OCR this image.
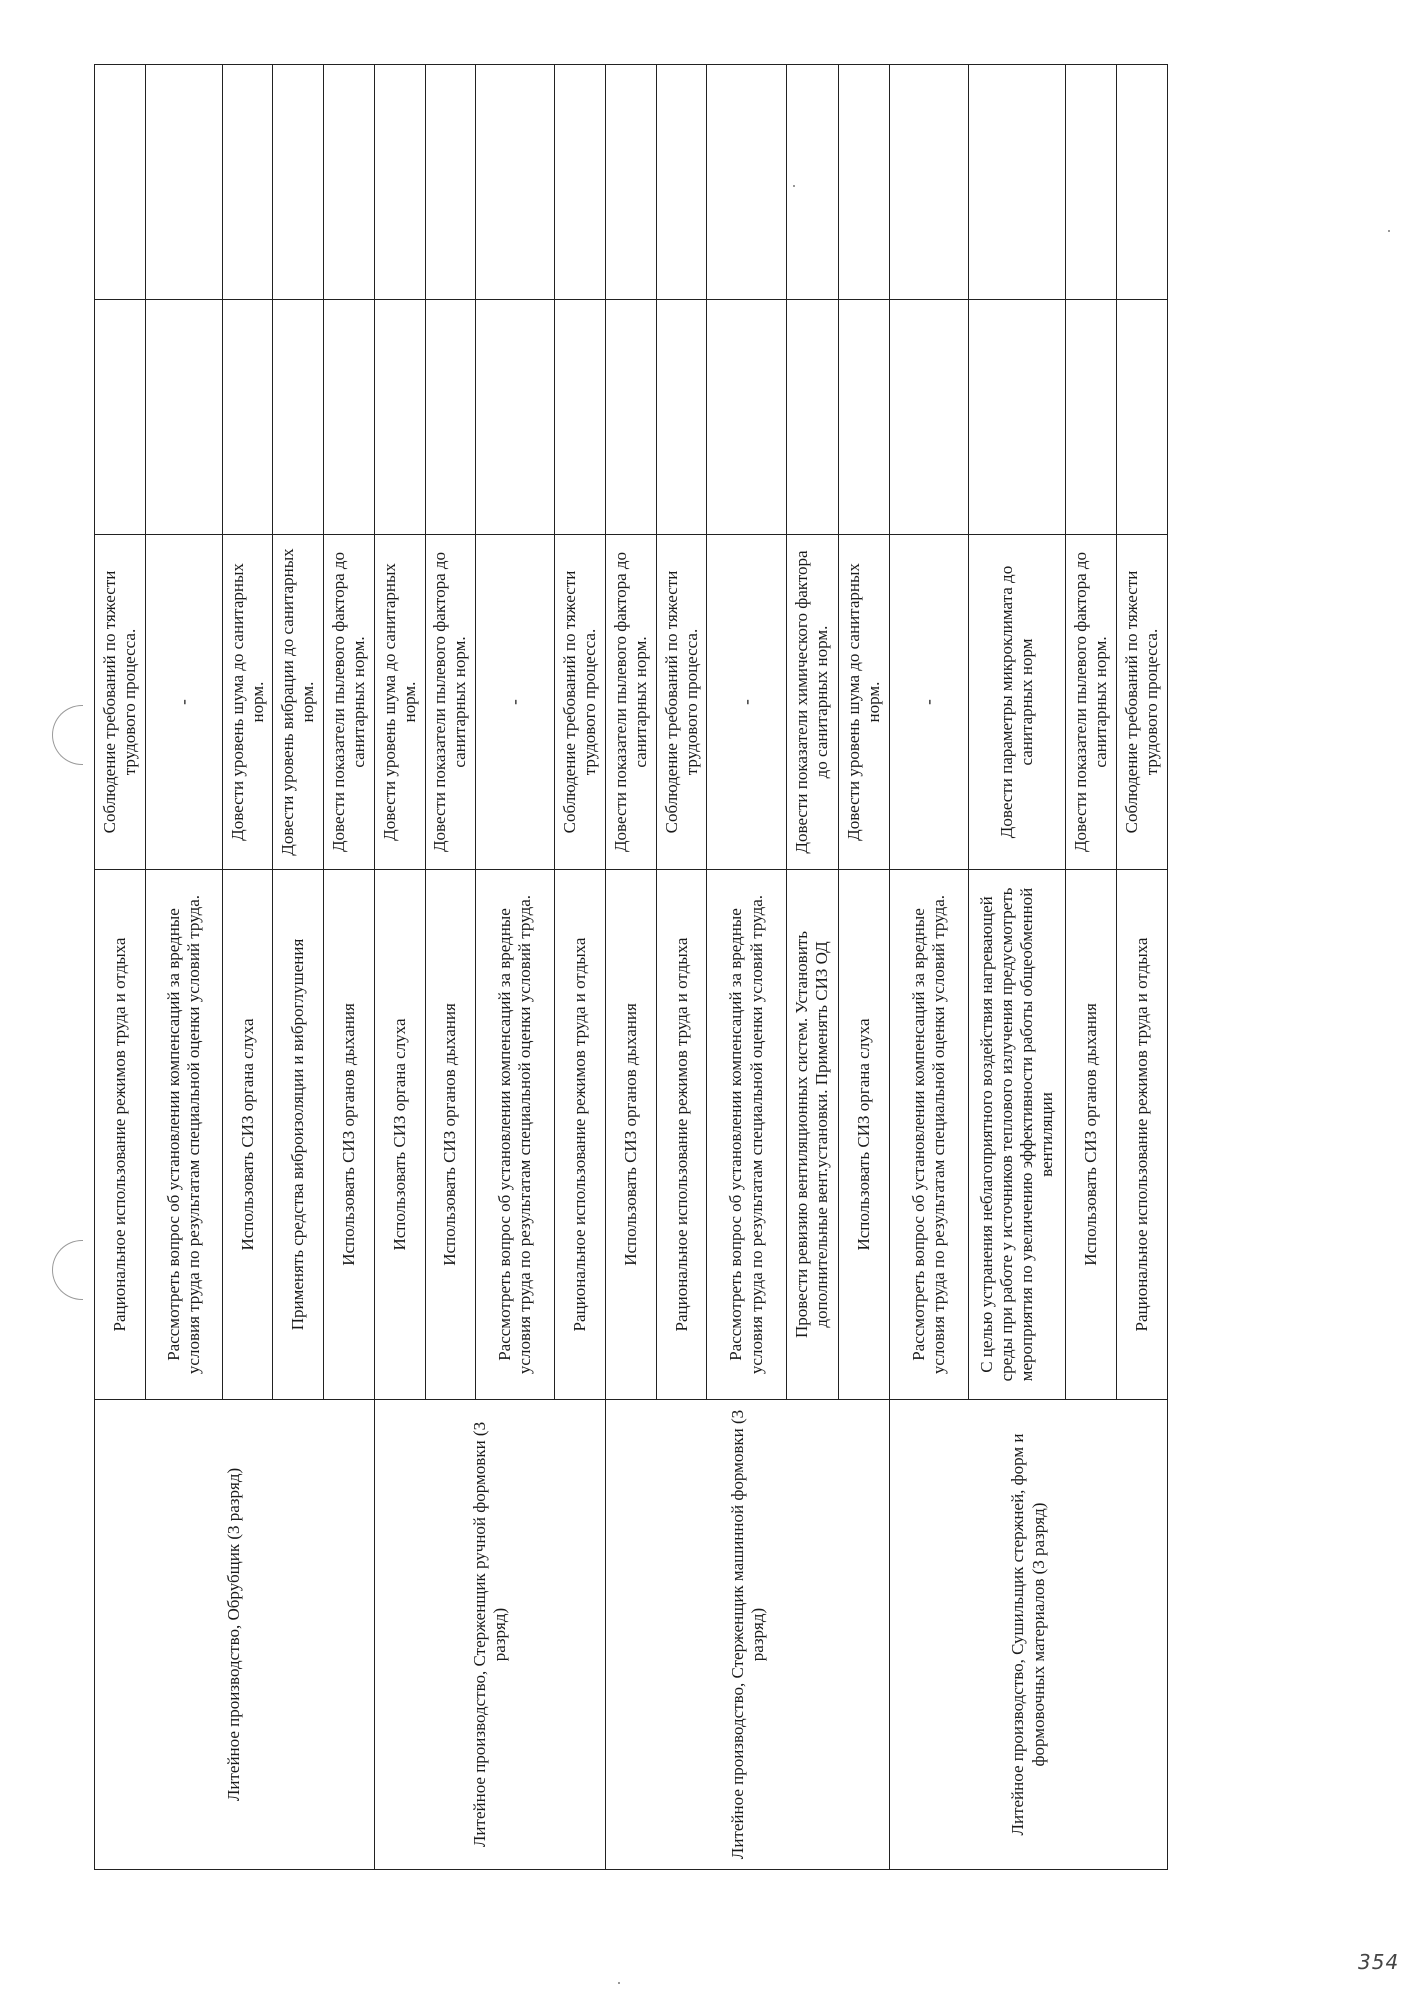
Литейное производство, Обрубщик (3 разряд)	Рациональное использование режимов труда и отдыха	Соблюдение требований по тяжести трудового процесса.		
	Рассмотреть вопрос об установлении компенсаций за вредные условия труда по результатам специальной оценки условий труда.	-		
	Использовать СИЗ органа слуха	Довести уровень шума до санитарных норм.		
	Применять средства виброизоляции и виброглушения	Довести уровень вибрации до санитарных норм.		
	Использовать СИЗ органов дыхания	Довести показатели пылевого фактора до санитарных норм.		
Литейное производство, Стерженщик ручной формовки (3 разряд)	Использовать СИЗ органа слуха	Довести уровень шума до санитарных норм.		
	Использовать СИЗ органов дыхания	Довести показатели пылевого фактора до санитарных норм.		
	Рассмотреть вопрос об установлении компенсаций за вредные условия труда по результатам специальной оценки условий труда.	-		
	Рациональное использование режимов труда и отдыха	Соблюдение требований по тяжести трудового процесса.		
Литейное производство, Стерженщик машинной формовки (3 разряд)	Использовать СИЗ органов дыхания	Довести показатели пылевого фактора до санитарных норм.		
	Рациональное использование режимов труда и отдыха	Соблюдение требований по тяжести трудового процесса.		
	Рассмотреть вопрос об установлении компенсаций за вредные условия труда по результатам специальной оценки условий труда.	-		
	Провести ревизию вентиляционных систем. Установить дополнительные вент.установки. Применять СИЗ ОД	Довести показатели химического фактора до санитарных норм.		
	Использовать СИЗ органа слуха	Довести уровень шума до санитарных норм.		
Литейное производство, Сушильщик стержней, форм и формовочных материалов (3 разряд)	Рассмотреть вопрос об установлении компенсаций за вредные условия труда по результатам специальной оценки условий труда.	-		
	С целью устранения неблагоприятного воздействия нагревающей среды при работе у источников теплового излучения предусмотреть мероприятия по увеличению эффективности работы общеобменной вентиляции	Довести параметры микроклимата до санитарных норм		
	Использовать СИЗ органов дыхания	Довести показатели пылевого фактора до санитарных норм.		
	Рациональное использование режимов труда и отдыха	Соблюдение требований по тяжести трудового процесса.		
354
